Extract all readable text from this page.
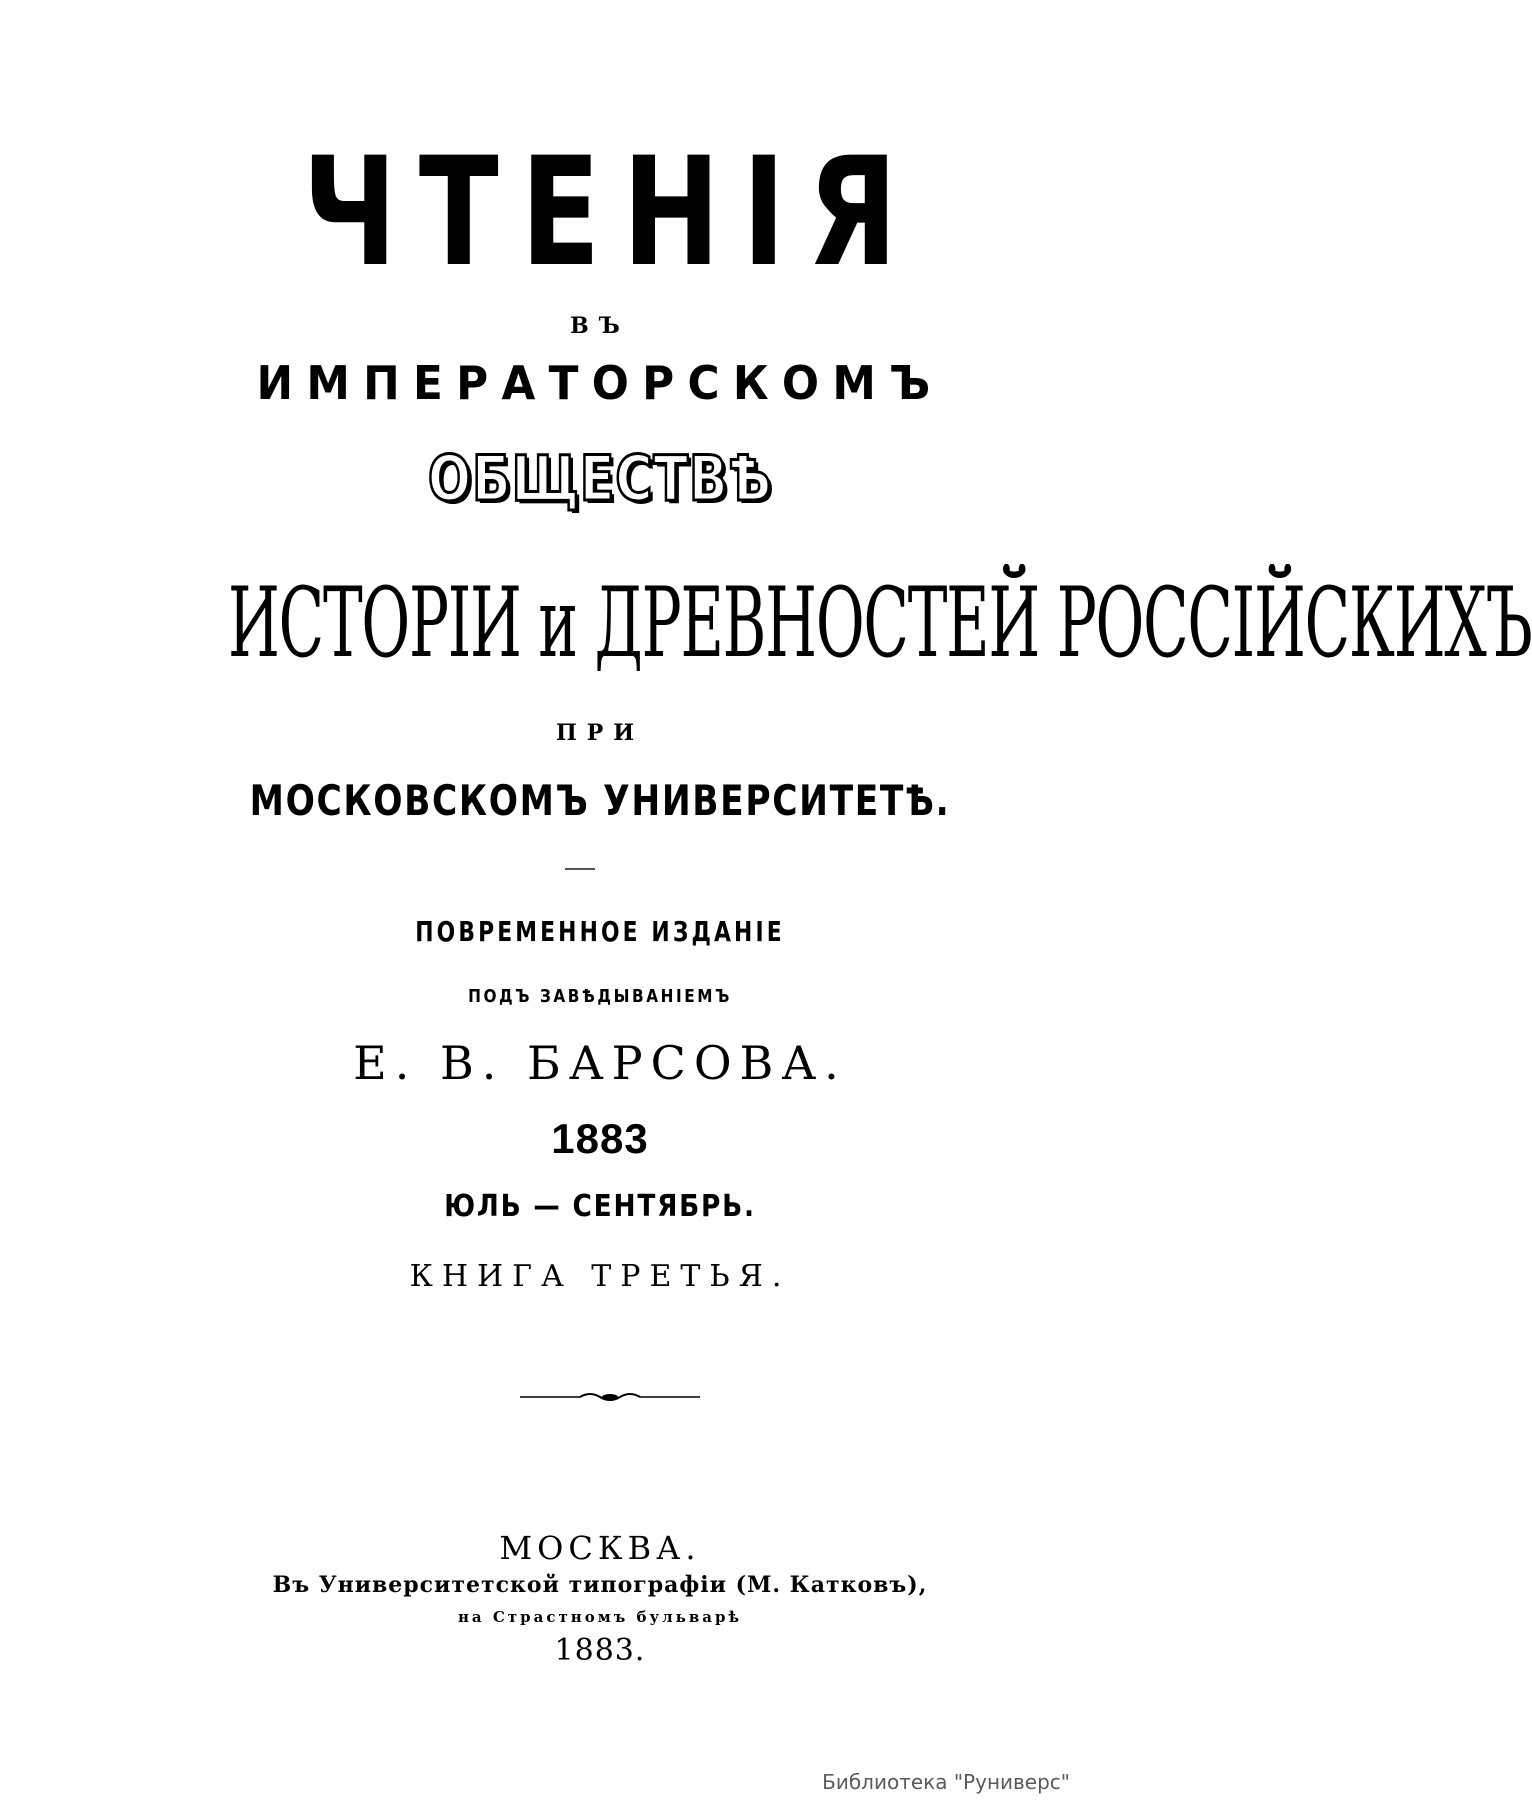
ЧТЕНІЯ
ВЪ
ИМПЕРАТОРСКОМЪ
ОБЩЕСТВѢ
ИСТОРІИ и ДРЕВНОСТЕЙ РОССІЙСКИХЪ
ПРИ
МОСКОВСКОМЪ УНИВЕРСИТЕТѢ.
ПОВРЕМЕННОЕ ИЗДАНІЕ
ПОДЪ ЗАВѢДЫВАНІЕМЪ
Е. В. БАРСОВА.
1883
ЮЛЬ — СЕНТЯБРЬ.
КНИГА ТРЕТЬЯ.
МОСКВА.
Въ Университетской типографіи (М. Катковъ),
на Страстномъ бульварѣ
1883.
Библиотека "Руниверс"
